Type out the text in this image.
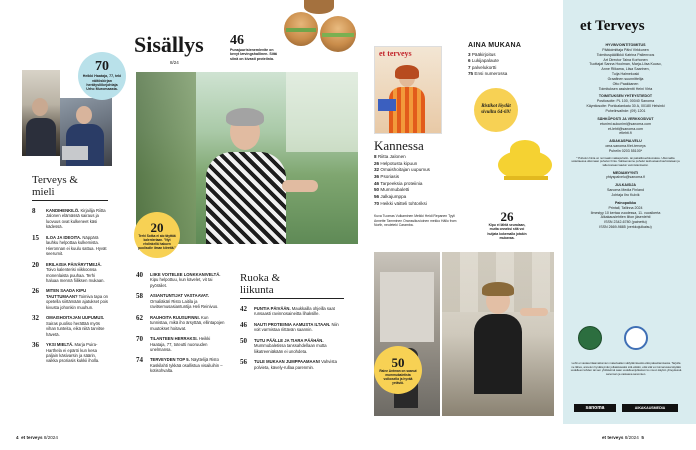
70
Heikki Haataja, 77, teki väitöskirjan herätysliikejohtaja Urho Muromaasta.
Sisällys
8/24
46
Punajuurisienemlevite on kevyt lævingshallinen. Siitä siinä on kivasti proteiinia.
20
Terhi Sotka ei aio täyttää kalenteriaan. "Nyt ehdinkellä hakuen puolisolle ilman kiirettä."
Terveys &
mieli
8	KANDIHENKILÖ. Kirjailija Riitta Jalonen elämässä sairaus ja luovuus ovat kulkeneet käsi kädessä.
15	ILOA JA IDEOITA. Näppärä lauhku helpottaa kulkemista. Hieronnan ei kuulu sattua. Hyvät seerumit.
20	ERILAISIA PÄIVÄRYTMEJÄ. Toivo kalenterisi viikkoonsa monenlaista puuhaa. Terhi haluaa mennä fiiliksen mukaan.
26	MITEN SAADA KIPU TAUTTUMAAN? Toimiva tapa on opetella siirtämään ajatukset pois kivusta johonkin muuhun.
32	OMAISHOITAJAN UUPUMUS. Sairas puoliso herättää myös vihan tunteita, eikä niitä tarvitse hävetä.
36	YKSI MIELTÄ. Marja Puira-Harthela ei epäröi kun kesa paljain käsivarsin ja säärin, vaikka psoriasis kukkii iholla.
40	LIIKE VOITELEE LONKKANIVELTÄ. Kipu helpottuu, kun kävelet, vit tai pyöräilet.
58	ASIANTUNTIJAT VASTAAVAT. Ornaliäkäri Risto Laitila ja ravitsemusasiantuntija Heli Reinivuo.
62	RAUHOITA RUUSUFINNI. Kun tunnistaa, mikä iho ärsyttää, ellintapojen muutokset hoitavat.
70	TILANTEEN HERRAKSI. Heikki Haataja, 77, toteutti nuoruuden unelmansa.
74	TERVEYDEN TOP 5. Näyttelijä Risto Kaskilahti tykkää osallistua visailuihin – kotisohvalta.
Ruoka &
liikunta
42	PUNTIA PÄIVÄÄN. Maukkailla ohjeilla saat runsaasti ravinnosaineitta lihaksille.
46	NAUTI PROTEIINIA AAMUSTA ILTAAN. Niin voit varmistaa riittävän saannin.
50	TUTU PÄÄLLE JA TIARA PÄÄHÄN. Mummubaletissa tanssahdellaan mutta liikatreeniäkään ei unohdeta.
56	TULE MUKAAN JUMPPAAMAAN! Vahvista polvieta, kävely-rullaa parenmin.
4 et terveys 8/2024
et terveys
AINA MUKANA
3 Pääkirjoitus
6 Lukijapalaute
7 palvelukortti
75 Ensi numerossa
Ristikot löydät sivuilta 64-69!
Kannessa
8 Riitta Jalonen
26 Helpotusta kipuun
32 Omaishoitajan uupumus
36 Psoriasis
46 Tarpeeksia proteiinia
50 Mummubaletti
56 Jalkajumppa
70 Heikki väitteli tohtoriksi
Kuva Tuomas Vulkaminen Meikki Heidi Repanen Tyyli Annette Tamminen Oranssikuvioinen mekko Hällo from North, neuleteki Caramba.
26
Kipu ei lähtä seuralaan, mutta onneksi sitä voi hutjata kokemalla jotakin mukavaa.
50
Raine Antman on saanut mummubaletista voikosella ja hyvää yetäviä.
et terveys 8/2024 5
et Terveys
HYVINVOINTITOIMITUS
Päätoimittaja Päivi Virkkunen
Toimituspäällikkö Katrina Pallenroos
Art Director Taina Korhonen
Tuottajat Sanna Hoolman, Marja-Liisa Kuuso,
Anne Riikama, Liisa Saarinen,
Tuija Halmekoski
Graafinen suunnittelija
Otto Paakkanen
Toimituksen assistentti Heini Virta
TOIMITUKSEN YHTEYSTIEDOT
Postiosoite: PL 100, 00040 Sanoma
Käyntiosoite: Porkkalankatu 30 A, 00180 Helsinki
Puhelinvaihde: (09) 1201
SÄHKÖPOSTI JA VERKKOSIVUT
etunimi.sukunimi@sanoma.com
et-lehti@sanoma.com
etlehti.fi
ASIAKASPALVELU
oma.sanoma.fi/et-terveys
Puhelin 0203 55100*
* Puhelun hinta on normaali matkapuhelin- tai paikallisverkkomaksu. Ulkomailta soitettaessa ulkomaan puhelun hinta. Valitsemanne puhelut tauhoetaan/nauhoitetaan ja tallennetaan laadun varmistamiseksi.
MEDIAMYYNTI
yhtyspalvelu@sanoma.fi
JULKAISIJA
Sanoma Media Finland
Johtaja Ilro Kulvik
Painopaikka
Printall, Tallinna 2024
Ilmestyy 10 kertaa vuodessa, 11. vuosikerta
Aikakauslehtien liiton jäsenlehti
ISSN 2342-6780 (painettu)
ISSN 2669-9885 (verkkojulkaisu)
Lehti ei vastaa tilaamattomien materiaalien säilyttämisestä eikä palauttamisesta. Tarjolla ne lähes, annetun hyväksymän julkaistavaksi sitä ettäkö, että sitä voi toimarussa käyttää uudelleen lehden tai sen yhdistelmä saan uudelleenjulkaisun ko muun käytön yhteydessä sanoman ja vastaava sanomien.
sanoma	AIKAKAUSMEDIA
